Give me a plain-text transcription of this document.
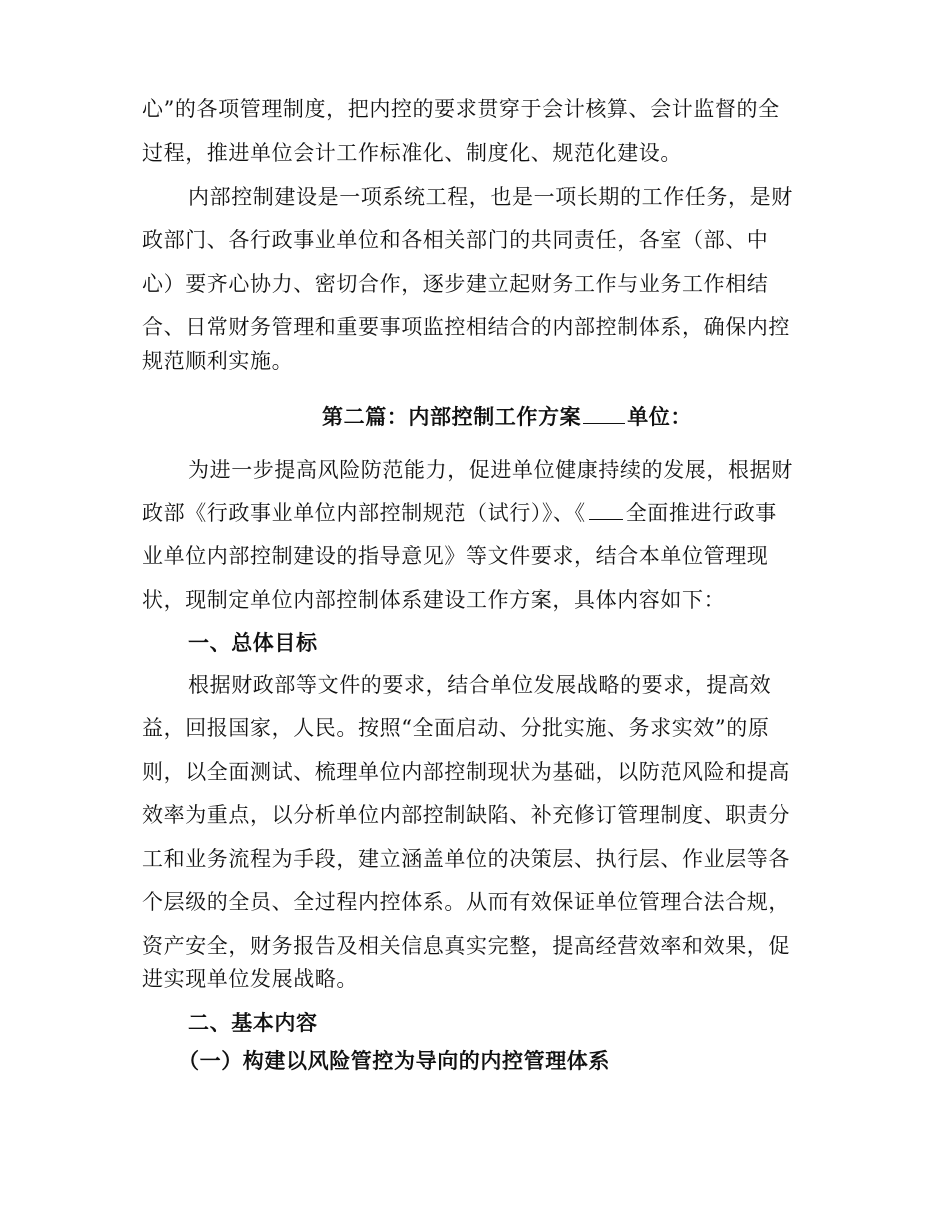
心”的各项管理制度，把内控的要求贯穿于会计核算、会计监督的全
过程，推进单位会计工作标准化、制度化、规范化建设。
内部控制建设是一项系统工程，也是一项长期的工作任务，是财
政部门、各行政事业单位和各相关部门的共同责任，各室（部、中
心）要齐心协力、密切合作，逐步建立起财务工作与业务工作相结
合、日常财务管理和重要事项监控相结合的内部控制体系，确保内控
规范顺利实施。
第二篇：内部控制工作方案 单位：
为进一步提高风险防范能力，促进单位健康持续的发展，根据财
政部《行政事业单位内部控制规范（试行）》、《 全面推进行政事
业单位内部控制建设的指导意见》等文件要求，结合本单位管理现
状，现制定单位内部控制体系建设工作方案，具体内容如下：
一、总体目标
根据财政部等文件的要求，结合单位发展战略的要求，提高效
益，回报国家，人民。按照“全面启动、分批实施、务求实效”的原
则，以全面测试、梳理单位内部控制现状为基础，以防范风险和提高
效率为重点，以分析单位内部控制缺陷、补充修订管理制度、职责分
工和业务流程为手段，建立涵盖单位的决策层、执行层、作业层等各
个层级的全员、全过程内控体系。从而有效保证单位管理合法合规，
资产安全，财务报告及相关信息真实完整，提高经营效率和效果，促
进实现单位发展战略。
二、基本内容
（一）构建以风险管控为导向的内控管理体系
